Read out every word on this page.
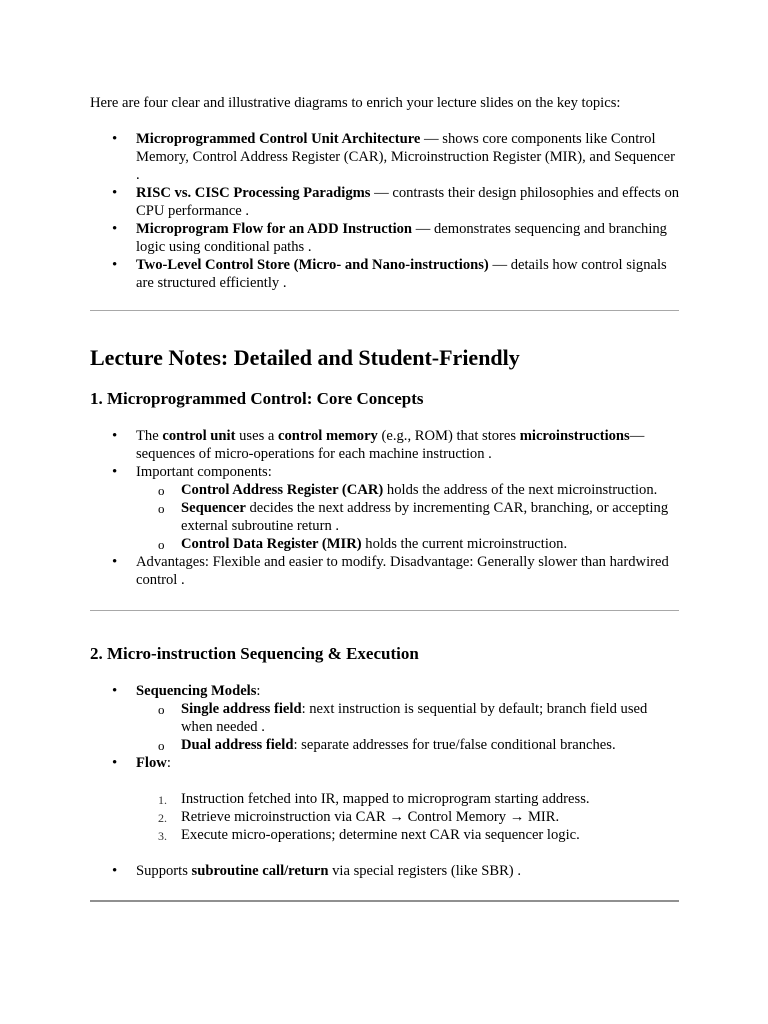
Here are four clear and illustrative diagrams to enrich your lecture slides on the key topics:

• Microprogrammed Control Unit Architecture — shows core components like Control Memory, Control Address Register (CAR), Microinstruction Register (MIR), and Sequencer .
• RISC vs. CISC Processing Paradigms — contrasts their design philosophies and effects on CPU performance .
• Microprogram Flow for an ADD Instruction — demonstrates sequencing and branching logic using conditional paths .
• Two-Level Control Store (Micro- and Nano-instructions) — details how control signals are structured efficiently .
Lecture Notes: Detailed and Student-Friendly
1. Microprogrammed Control: Core Concepts
• The control unit uses a control memory (e.g., ROM) that stores microinstructions— sequences of micro-operations for each machine instruction .
• Important components:
o Control Address Register (CAR) holds the address of the next microinstruction.
o Sequencer decides the next address by incrementing CAR, branching, or accepting external subroutine return .
o Control Data Register (MIR) holds the current microinstruction.
• Advantages: Flexible and easier to modify. Disadvantage: Generally slower than hardwired control .
2. Micro-instruction Sequencing & Execution
• Sequencing Models:
o Single address field: next instruction is sequential by default; branch field used when needed .
o Dual address field: separate addresses for true/false conditional branches.
• Flow:
1. Instruction fetched into IR, mapped to microprogram starting address.
2. Retrieve microinstruction via CAR → Control Memory → MIR.
3. Execute micro-operations; determine next CAR via sequencer logic.
• Supports subroutine call/return via special registers (like SBR) .
